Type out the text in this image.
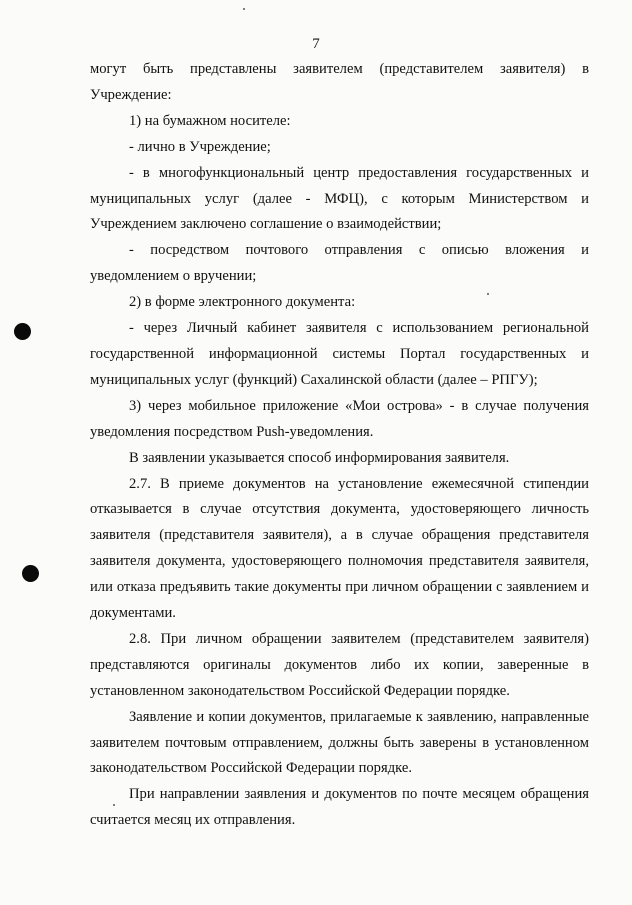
7

могут быть представлены заявителем (представителем заявителя) в Учреждение:

1) на бумажном носителе:

- лично в Учреждение;

- в многофункциональный центр предоставления государственных и муниципальных услуг (далее - МФЦ), с которым Министерством и Учреждением заключено соглашение о взаимодействии;

- посредством почтового отправления с описью вложения и уведомлением о вручении;

2) в форме электронного документа:

- через Личный кабинет заявителя с использованием региональной государственной информационной системы Портал государственных и муниципальных услуг (функций) Сахалинской области (далее – РПГУ);

3) через мобильное приложение «Мои острова» - в случае получения уведомления посредством Push-уведомления.

В заявлении указывается способ информирования заявителя.

2.7. В приеме документов на установление ежемесячной стипендии отказывается в случае отсутствия документа, удостоверяющего личность заявителя (представителя заявителя), а в случае обращения представителя заявителя документа, удостоверяющего полномочия представителя заявителя, или отказа предъявить такие документы при личном обращении с заявлением и документами.

2.8. При личном обращении заявителем (представителем заявителя) представляются оригиналы документов либо их копии, заверенные в установленном законодательством Российской Федерации порядке.

Заявление и копии документов, прилагаемые к заявлению, направленные заявителем почтовым отправлением, должны быть заверены в установленном законодательством Российской Федерации порядке.

При направлении заявления и документов по почте месяцем обращения считается месяц их отправления.
